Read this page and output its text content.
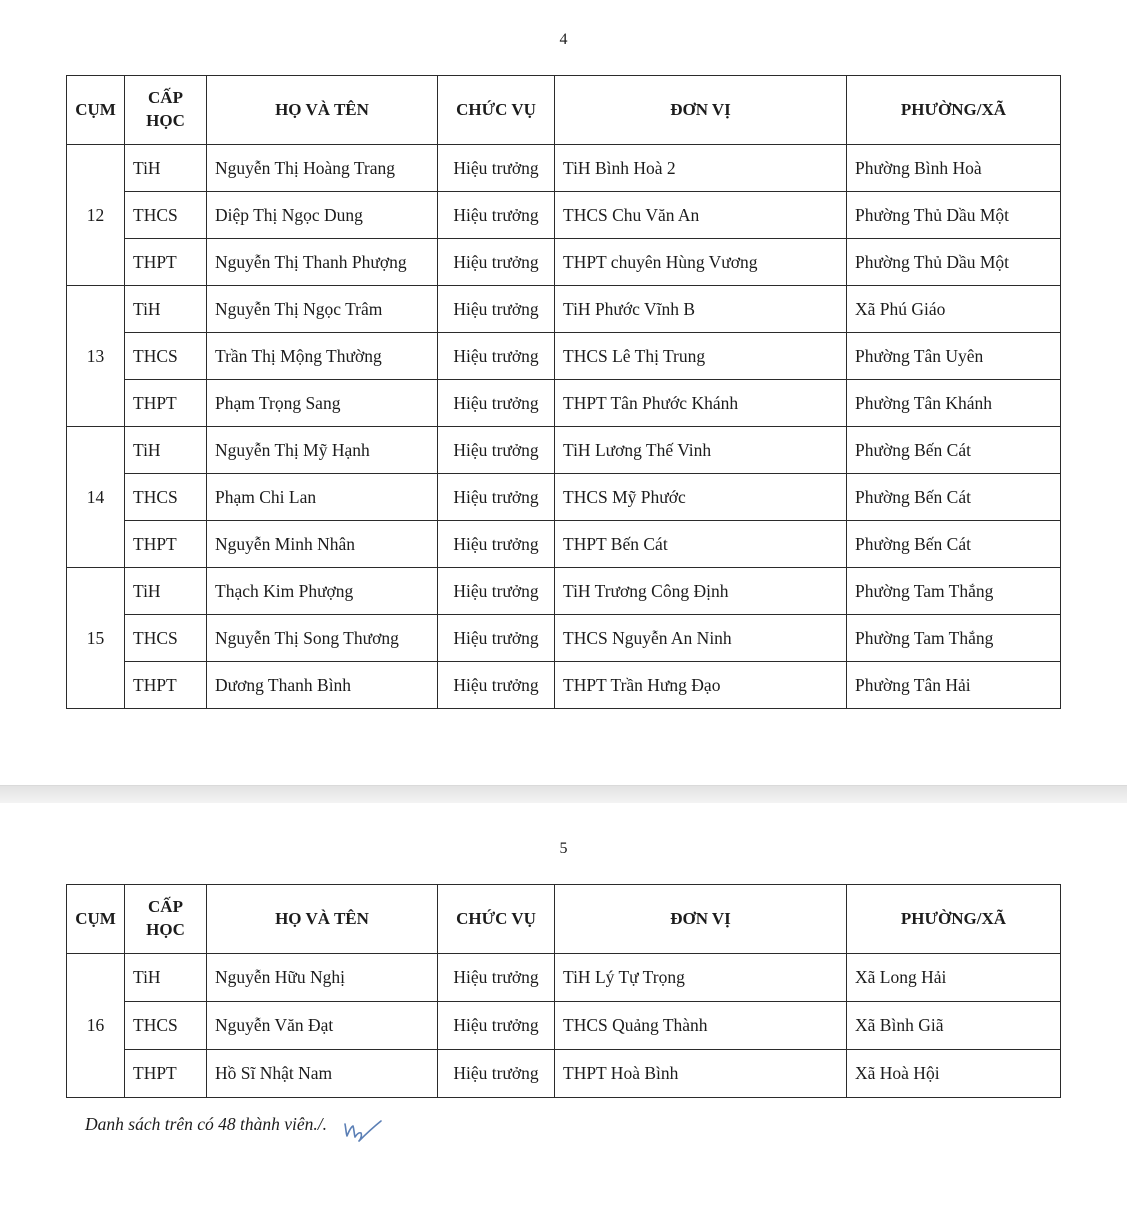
4
CỤM	CẤP HỌC	HỌ VÀ TÊN	CHỨC VỤ	ĐƠN VỊ	PHƯỜNG/XÃ
12	TiH	Nguyễn Thị Hoàng Trang	Hiệu trưởng	TiH Bình Hoà 2	Phường Bình Hoà
	THCS	Diệp Thị Ngọc Dung	Hiệu trưởng	THCS Chu Văn An	Phường Thủ Dầu Một
	THPT	Nguyễn Thị Thanh Phượng	Hiệu trưởng	THPT chuyên Hùng Vương	Phường Thủ Dầu Một
13	TiH	Nguyễn Thị Ngọc Trâm	Hiệu trưởng	TiH Phước Vĩnh B	Xã Phú Giáo
	THCS	Trần Thị Mộng Thường	Hiệu trưởng	THCS Lê Thị Trung	Phường Tân Uyên
	THPT	Phạm Trọng Sang	Hiệu trưởng	THPT Tân Phước Khánh	Phường Tân Khánh
14	TiH	Nguyễn Thị Mỹ Hạnh	Hiệu trưởng	TiH Lương Thế Vinh	Phường Bến Cát
	THCS	Phạm Chi Lan	Hiệu trưởng	THCS Mỹ Phước	Phường Bến Cát
	THPT	Nguyễn Minh Nhân	Hiệu trưởng	THPT Bến Cát	Phường Bến Cát
15	TiH	Thạch Kim Phượng	Hiệu trưởng	TiH Trương Công Định	Phường Tam Thắng
	THCS	Nguyễn Thị Song Thương	Hiệu trưởng	THCS Nguyễn An Ninh	Phường Tam Thắng
	THPT	Dương Thanh Bình	Hiệu trưởng	THPT Trần Hưng Đạo	Phường Tân Hải
5
CỤM	CẤP HỌC	HỌ VÀ TÊN	CHỨC VỤ	ĐƠN VỊ	PHƯỜNG/XÃ
16	TiH	Nguyễn Hữu Nghị	Hiệu trưởng	TiH Lý Tự Trọng	Xã Long Hải
	THCS	Nguyễn Văn Đạt	Hiệu trưởng	THCS Quảng Thành	Xã Bình Giã
	THPT	Hồ Sĩ Nhật Nam	Hiệu trưởng	THPT Hoà Bình	Xã Hoà Hội
Danh sách trên có 48 thành viên./.
